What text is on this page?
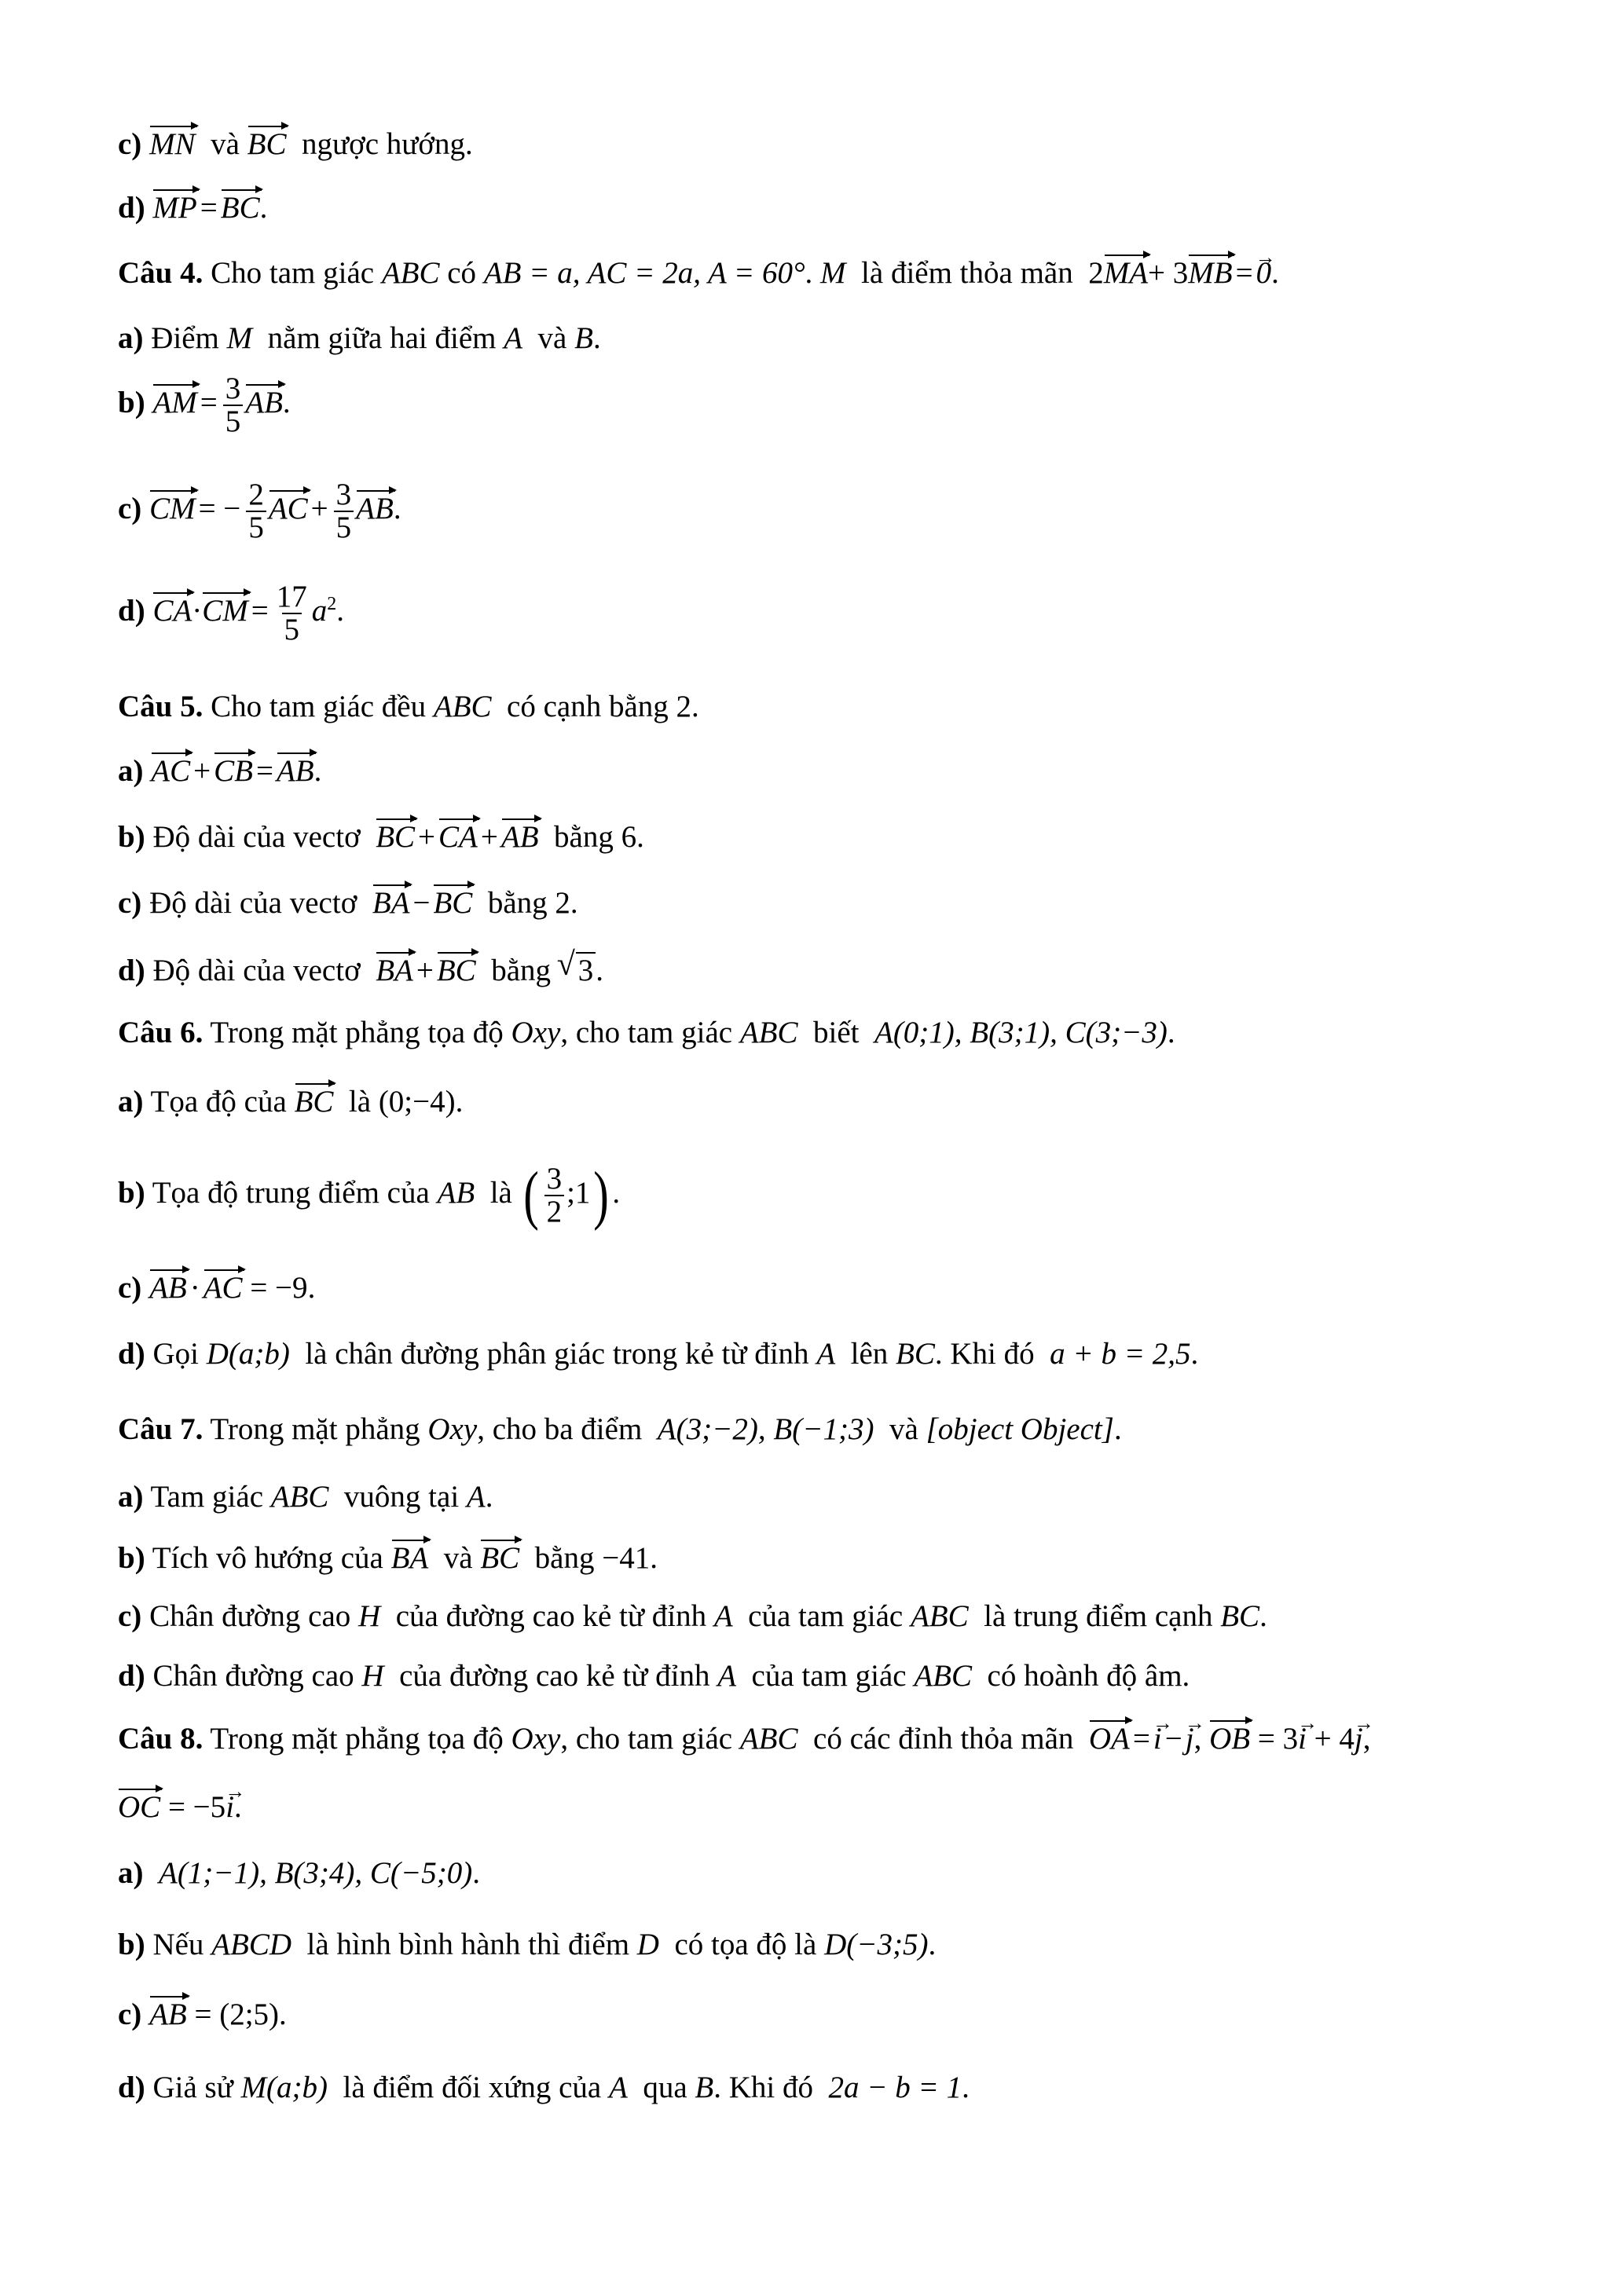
c) MN và BC ngược hướng.
d) MP = BC.
Câu 4. Cho tam giác ABC có AB = a, AC = 2a, A = 60°. M là điểm thỏa mãn 2MA+ 3MB = 0 →.
a) Điểm M nằm giữa hai điểm A và B.
b) AM = $\frac{3}{5}$ AB.
c) CM = − $\frac{2}{5}$ AC + $\frac{3}{5}$ AB.
d) $CA\cdot CM = \frac{17}{5} a^2$.
Câu 5. Cho tam giác đều ABC có cạnh bằng 2.
a) AC + CB = AB.
b) Độ dài của vectơ BC + CA + AB bằng 6.
c) Độ dài của vectơ BA − BC bằng 2.
d) Độ dài của vectơ BA + BC bằng √ 3.
Câu 6. Trong mặt phẳng tọa độ Oxy, cho tam giác ABC biết A(0;1), B(3;1), C(3;−3).
a) Tọa độ của BC là (0;−4).
b) Tọa độ trung điểm của AB là ( $\frac{3}{2}$ ;1) .
c) AB · AC = −9.
d) Gọi D(a;b) là chân đường phân giác trong kẻ từ đỉnh A lên BC. Khi đó a + b = 2,5.
Câu 7. Trong mặt phẳng Oxy, cho ba điểm A(3;−2), B(−1;3) và [object Object].
a) Tam giác ABC vuông tại A.
b) Tích vô hướng của BA và BC bằng −41.
c) Chân đường cao H của đường cao kẻ từ đỉnh A của tam giác ABC là trung điểm cạnh BC.
d) Chân đường cao H của đường cao kẻ từ đỉnh A của tam giác ABC có hoành độ âm.
Câu 8. Trong mặt phẳng tọa độ Oxy, cho tam giác ABC có các đỉnh thỏa mãn OA = i → − j →, OB = 3i → + 4j →,
OC = −5i →.
a) A(1;−1), B(3;4), C(−5;0).
b) Nếu ABCD là hình bình hành thì điểm D có tọa độ là D(−3;5).
c) AB = (2;5).
d) Giả sử M(a;b) là điểm đối xứng của A qua B. Khi đó 2a − b = 1.
